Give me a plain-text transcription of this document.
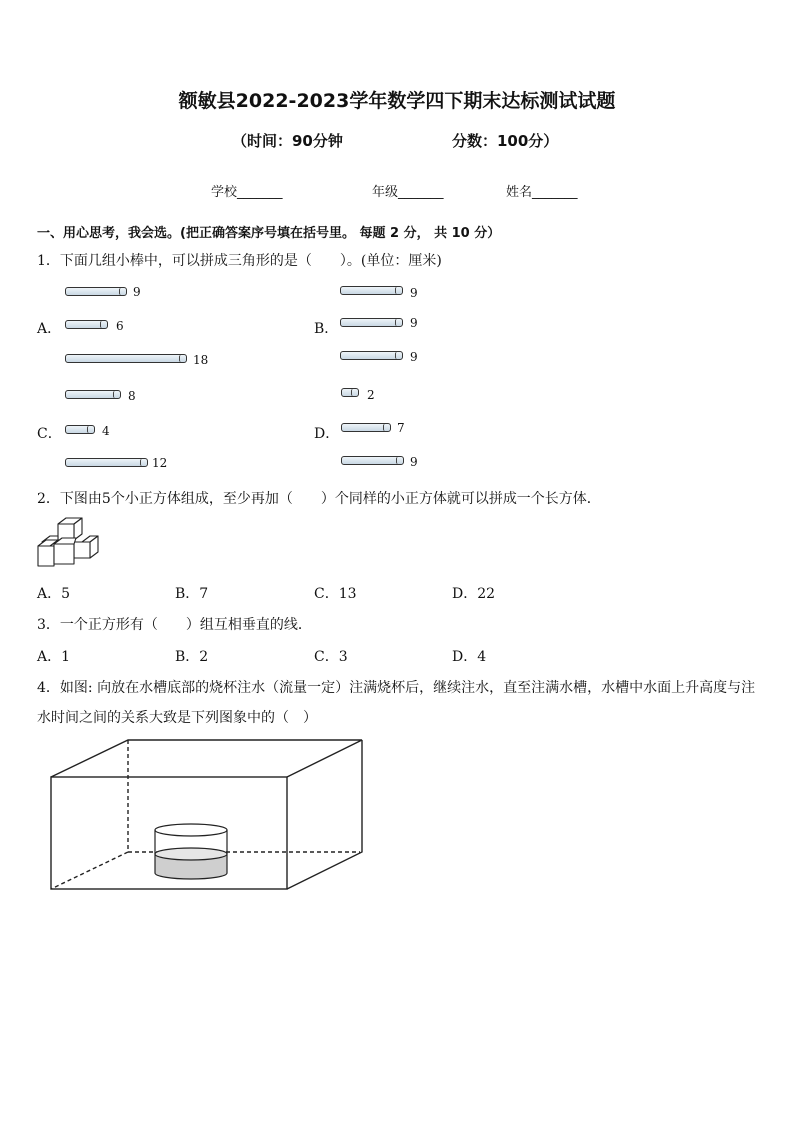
额敏县2022-2023学年数学四下期末达标测试试题
（时间：90分钟	分数：100分）
学校_______	年级_______	姓名_______
一、用心思考，我会选。(把正确答案序号填在括号里。 每题 2 分， 共 10 分）
1．下面几组小棒中，可以拼成三角形的是（　　）。(单位：厘米)
9
A．	6
18
9
B．	9
9
8
C．	4
12
2
D．	7
9
2．下图由5个小正方体组成，至少再加（　　）个同样的小正方体就可以拼成一个长方体．
A．5	B．7	C．13	D．22
3．一个正方形有（　　）组互相垂直的线．
A．1	B．2	C．3	D．4
4．如图: 向放在水槽底部的烧杯注水（流量一定）注满烧杯后，继续注水，直至注满水槽，水槽中水面上升高度与注
水时间之间的关系大致是下列图象中的（　）
